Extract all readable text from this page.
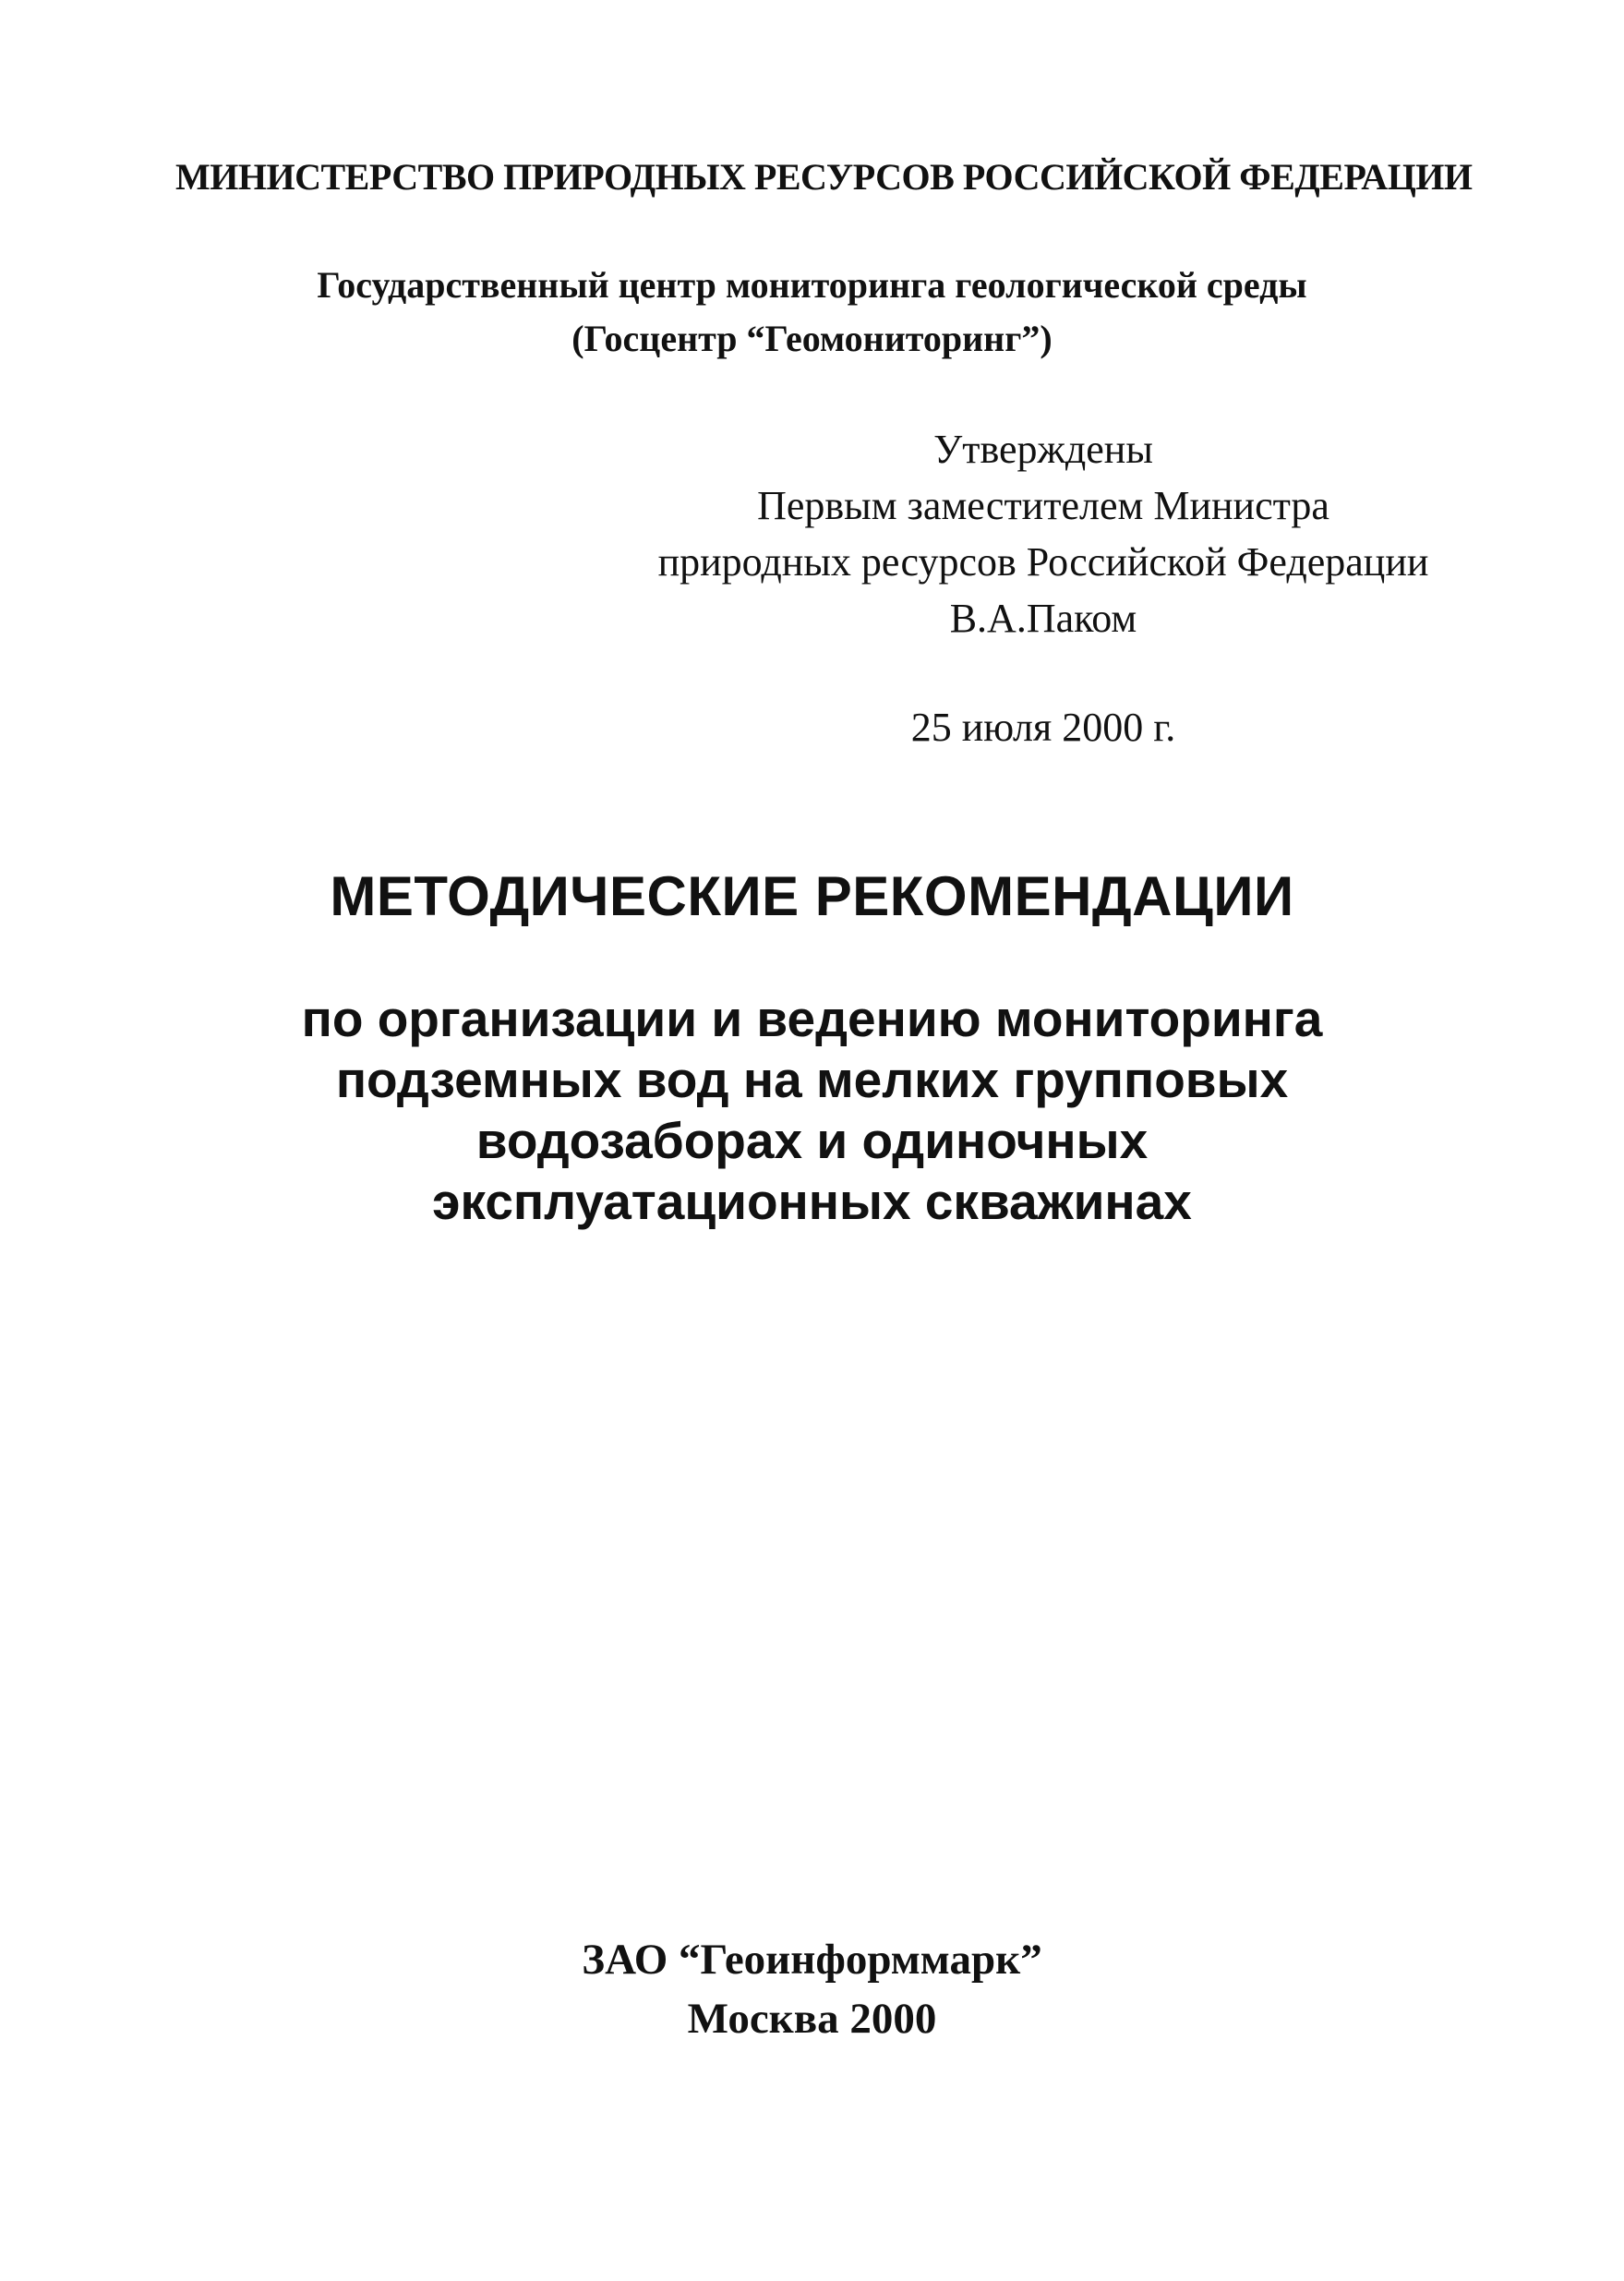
МИНИСТЕРСТВО ПРИРОДНЫХ РЕСУРСОВ РОССИЙСКОЙ ФЕДЕРАЦИИ
Государственный центр мониторинга геологической среды
(Госцентр “Геомониторинг”)
Утверждены
Первым заместителем Министра
природных ресурсов Российской Федерации
В.А.Паком
25 июля 2000 г.
МЕТОДИЧЕСКИЕ РЕКОМЕНДАЦИИ
по организации и ведению мониторинга
подземных вод на мелких групповых
водозаборах и одиночных
эксплуатационных скважинах
ЗАО “Геоинформмарк”
Москва 2000
